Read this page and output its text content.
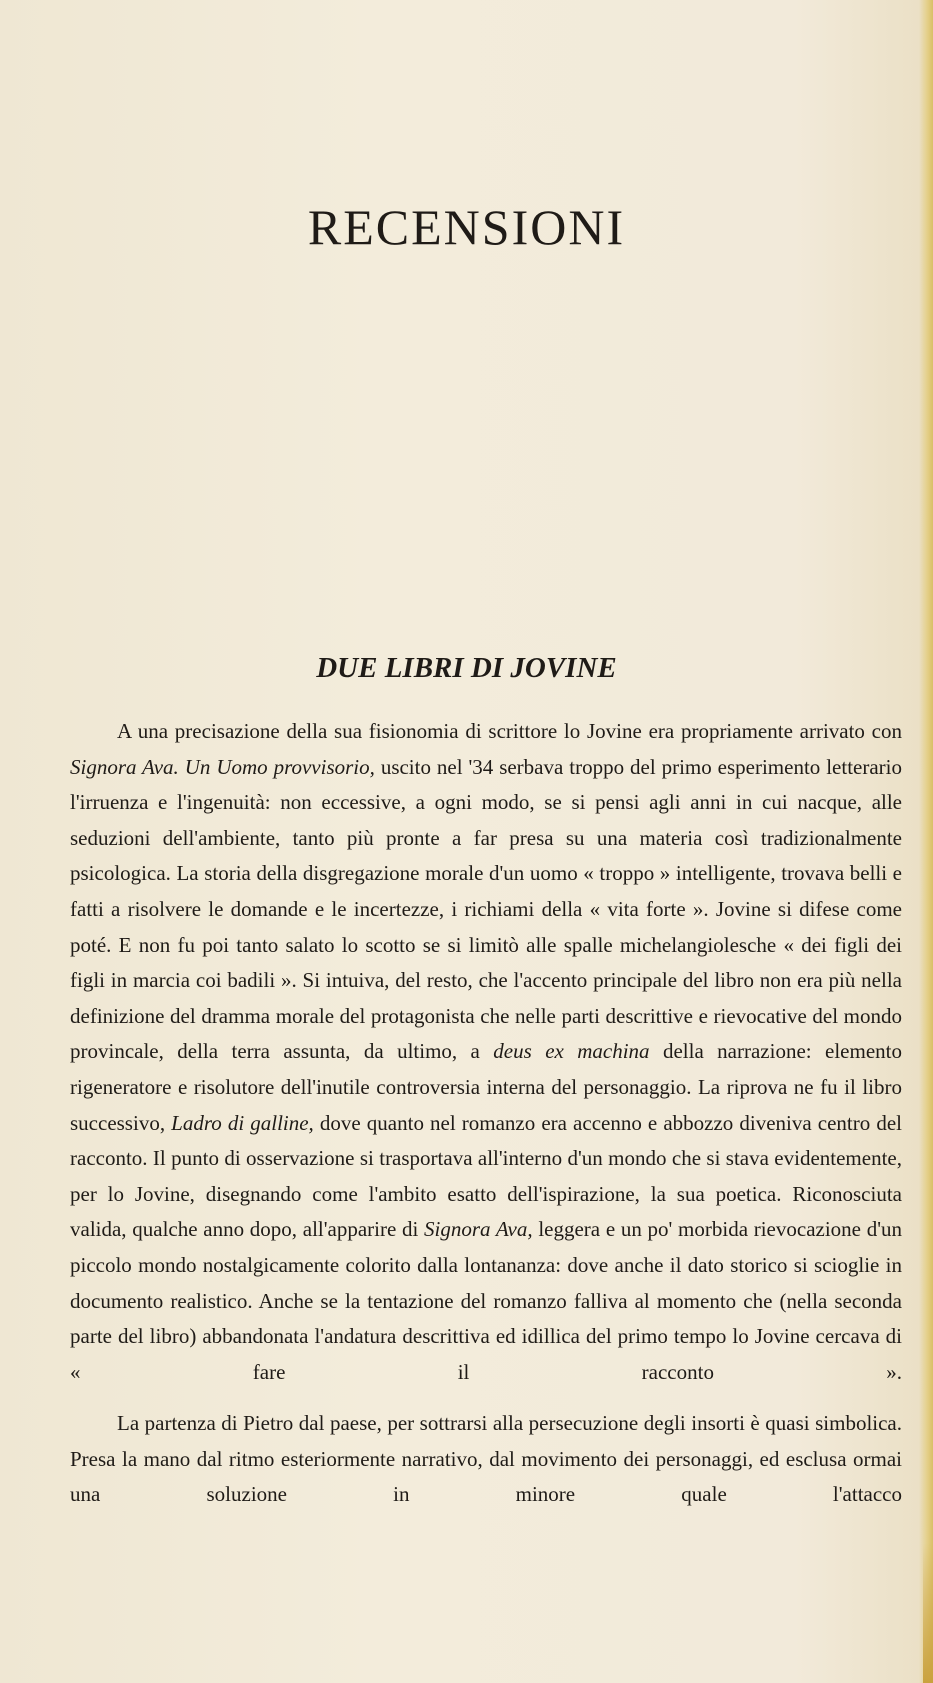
RECENSIONI
DUE LIBRI DI JOVINE

A una precisazione della sua fisionomia di scrittore lo Jovine era propriamente arrivato con Signora Ava. Un Uomo provvisorio, uscito nel '34 serbava troppo del primo esperimento letterario l'irruenza e l'ingenuità: non eccessive, a ogni modo, se si pensi agli anni in cui nacque, alle seduzioni dell'ambiente, tanto più pronte a far presa su una materia così tradizionalmente psicologica. La storia della disgregazione morale d'un uomo « troppo » intelligente, trovava belli e fatti a risolvere le domande e le incertezze, i richiami della « vita forte ». Jovine si difese come poté. E non fu poi tanto salato lo scotto se si limitò alle spalle michelangiolesche « dei figli dei figli in marcia coi badili ». Si intuiva, del resto, che l'accento principale del libro non era più nella definizione del dramma morale del protagonista che nelle parti descrittive e rievocative del mondo provincale, della terra assunta, da ultimo, a deus ex machina della narrazione: elemento rigeneratore e risolutore dell'inutile controversia interna del personaggio. La riprova ne fu il libro successivo, Ladro di galline, dove quanto nel romanzo era accenno e abbozzo diveniva centro del racconto. Il punto di osservazione si trasportava all'interno d'un mondo che si stava evidentemente, per lo Jovine, disegnando come l'ambito esatto dell'ispirazione, la sua poetica. Riconosciuta valida, qualche anno dopo, all'apparire di Signora Ava, leggera e un po' morbida rievocazione d'un piccolo mondo nostalgicamente colorito dalla lontananza: dove anche il dato storico si scioglie in documento realistico. Anche se la tentazione del romanzo falliva al momento che (nella seconda parte del libro) abbandonata l'andatura descrittiva ed idillica del primo tempo lo Jovine cercava di « fare il racconto ».

La partenza di Pietro dal paese, per sottrarsi alla persecuzione degli insorti è quasi simbolica. Presa la mano dal ritmo esteriormente narrativo, dal movimento dei personaggi, ed esclusa ormai una soluzione in minore quale l'attacco
